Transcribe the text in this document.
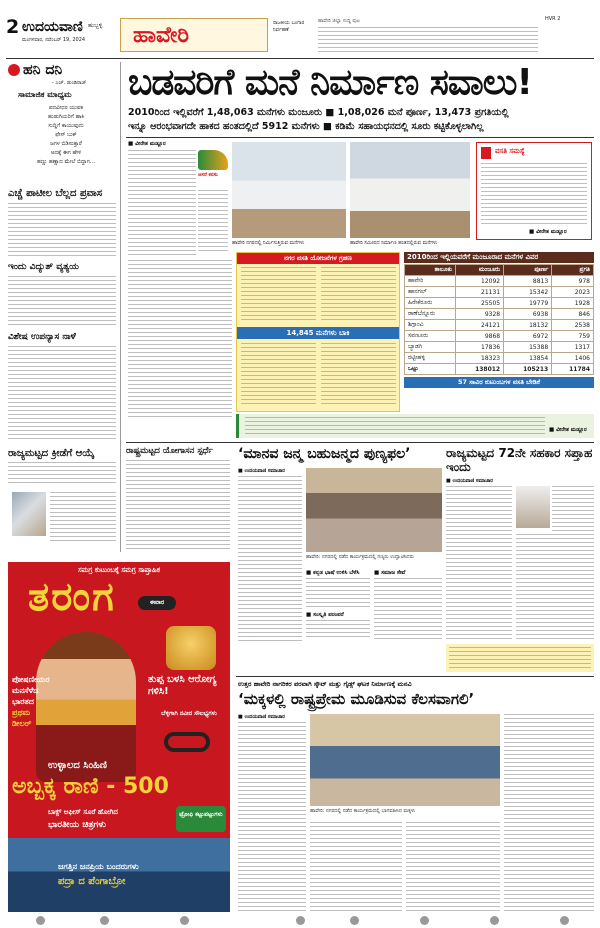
2 ಉದಯವಾಣಿ ಹುಬ್ಬಳ್ಳಿ
ಮಂಗಳವಾರ, ನವೆಂಬರ್ 19, 2024 ಹಾವೇರಿ	ರಾಜಕೀಯ ಬಂಗಾರ ನಿರ್ವಹಣೆ
ಹಾವೇರಿ ಜಿಲ್ಲಾ ಸುದ್ದಿ ಪುಟ	HVR 2
ಹನಿ ದನಿ
- ಎಚ್. ಡುಂಡಿರಾಜ್
ಸಾಮಾಜಿಕ ಮಾಧ್ಯಮ
ಪದವೀಧರ ಯುವಕ
ಹುಡುಗಿಯರಿಗೆ ಹಾಕಿ
ಸುದ್ದಿಗೆ ಕಾಯುವುದು
ಫೇಸ್ ಬುಕ್
ಜಗಳ ಬಿಡಿಸುತ್ತಾರೆ
ಅದಕ್ಕೆ ಈಗ ಹೇಳಿ
ಹಣ್ಣು ಹಣ್ಣಾದ ಮೇಲೆ ಬಿದ್ದಾಗ...
ಎಚ್ಚೆ ಪಾಟೀಲ ಬೆಲ್ಲದ ಪ್ರವಾಸ
ಇಂದು ವಿದ್ಯುತ್ ವ್ಯತ್ಯಯ
ವಿಶೇಷ ಉಪನ್ಯಾಸ ನಾಳೆ
ರಾಜ್ಯಮಟ್ಟದ ಕ್ರೀಡೆಗೆ ಆಯ್ಕೆ
ಬಡವರಿಗೆ ಮನೆ ನಿರ್ಮಾಣ ಸವಾಲು!
2010ರಿಂದ ಇಲ್ಲಿವರೆಗೆ 1,48,063 ಮನೆಗಳು ಮಂಜೂರು ■ 1,08,026 ಮನೆ ಪೂರ್ಣ, 13,473 ಪ್ರಗತಿಯಲ್ಲಿ
ಇನ್ನೂ ಆರಂಭವಾಗದೇ ಹಾಕದ ಹಂತದಲ್ಲಿದೆ 5912 ಮನೆಗಳು ■ ಕಡಿಮೆ ಸಹಾಯಧನದಲ್ಲಿ ಸೂರು ಕಟ್ಟಿಕೊಳ್ಳಲಾಗಿಲ್ಲ
■ ವೀರೇಶ ಮಡ್ಲೂರ
ಆಸರೆ ಕನಸು
ಹಾವೇರಿ ನಗರದಲ್ಲಿ ನಿರ್ಮಿಸುತ್ತಿರುವ ಮನೆಗಳು	ಹಾವೇರಿ ಸಮೀಪದ ನಿರ್ಮಾಣ ಹಂತದಲ್ಲಿರುವ ಮನೆಗಳು
ವಸತಿ ಸಮಸ್ಯೆ
■ ವೀರೇಶ ಮಡ್ಲೂರ
ನಗರ ವಸತಿ ಯೋಜನೆಗಳ ಗ್ರಹಣ
14,845 ಮನೆಗಳು ಬಾಕಿ
2010ರಿಂದ ಇಲ್ಲಿಯವರೆಗೆ ಮಂಜೂರಾದ ಮನೆಗಳ ವಿವರ
ತಾಲೂಕು	ಮಂಜೂರು	ಪೂರ್ಣ	ಪ್ರಗತಿ
ಹಾವೇರಿ	12092	8813	978
ಹಾನಗಲ್	21131	15342	2023
ಹಿರೇಕೆರೂರು	25505	19779	1928
ರಾಣೆಬೆನ್ನೂರು	9328	6938	846
ಶಿಗ್ಗಾಂವಿ	24121	18132	2538
ಸವಣೂರು	9868	6972	759
ಬ್ಯಾಡಗಿ	17836	15388	1317
ರಟ್ಟೀಹಳ್ಳಿ	18323	13854	1406
ಒಟ್ಟು	138012	105213	11784
57 ಸಾವಿರ ಕುಟುಂಬಗಳ ವಸತಿ ಬೇಡಿಕೆ
■ ವೀರೇಶ ಮಡ್ಲೂರ
ರಾಷ್ಟ್ರಮಟ್ಟದ ಯೋಗಾಸನ ಸ್ಪರ್ಧೆ ‘ಮಾನವ ಜನ್ಮ ಬಹುಜನ್ಮದ ಪುಣ್ಯಫಲ’
■ ಉದಯವಾಣಿ ಸಮಾಚಾರ
ಹಾವೇರಿ: ನಗರದಲ್ಲಿ ನಡೆದ ಕಾರ್ಯಕ್ರಮದಲ್ಲಿ ಗಣ್ಯರು ಉದ್ಘಾಟಿಸಿದರು
■ ಕನ್ನಡ ಭಾಷೆ ಉಳಿಸಿ ಬೆಳೆಸಿ
■ ಸಂಸ್ಕೃತಿ ಪರಂಪರೆ
■ ಸಮಾಜ ಸೇವೆ
ರಾಜ್ಯಮಟ್ಟದ 72ನೇ ಸಹಕಾರ ಸಪ್ತಾಹ ಇಂದು
■ ಉದಯವಾಣಿ ಸಮಾಚಾರ
ಉತ್ತರ ಹಾವೇರಿ ನಾಗರಿಕರ ಪರವಾಗಿ ಸ್ಕೌಟ್ ಮತ್ತು ಗೈಡ್ಸ್ ಘಟಕ ನಿರ್ಮಾಣಕ್ಕೆ ಮನವಿ
‘ಮಕ್ಕಳಲ್ಲಿ ರಾಷ್ಟ್ರಪ್ರೇಮ ಮೂಡಿಸುವ ಕೆಲಸವಾಗಲಿ’
■ ಉದಯವಾಣಿ ಸಮಾಚಾರ
ಹಾವೇರಿ: ನಗರದಲ್ಲಿ ನಡೆದ ಕಾರ್ಯಕ್ರಮದಲ್ಲಿ ಭಾಗವಹಿಸಿದ ಮಕ್ಕಳು
ಸಮಗ್ರ ಕುಟುಂಬಕ್ಕೆ ಸಮಗ್ರ ಸಾಪ್ತಾಹಿಕ
ತರಂಗ	ಈವಾರ
ಪೋಷಣೀಯರ
ಮನಸೆಳೆದ
ಭಾರತದ
ಪ್ರಥಮ
ಡೀಲರ್
ತುಪ್ಪ ಬಳಸಿ ಆರೋಗ್ಯ ಗಳಿಸಿ!
ಬೆಳ್ಳಿಗಾಗಿ ನವೀನ ಸೌಲಭ್ಯಗಳು
ಉಳ್ಳಾಲದ ಸಿಂಹಿಣಿ
ಅಬ್ಬಕ್ಕ ರಾಣಿ - 500
ಬಾಕ್ಸ್ ಆಫೀಸ್ ಸೂರೆ ಹೋಗಿದ
ಭಾರತೀಯ ಚಿತ್ರಗಳು
ಟ್ರೋಫಿ ಕಟ್ಟುಪಟ್ಟುಗಳು
ಜಗತ್ತಿನ ಜನಪ್ರಿಯ ಬಂದರುಗಳು
ಪದ್ರಾ ದ ಪೆಂಗಾಬ್ರೋ
